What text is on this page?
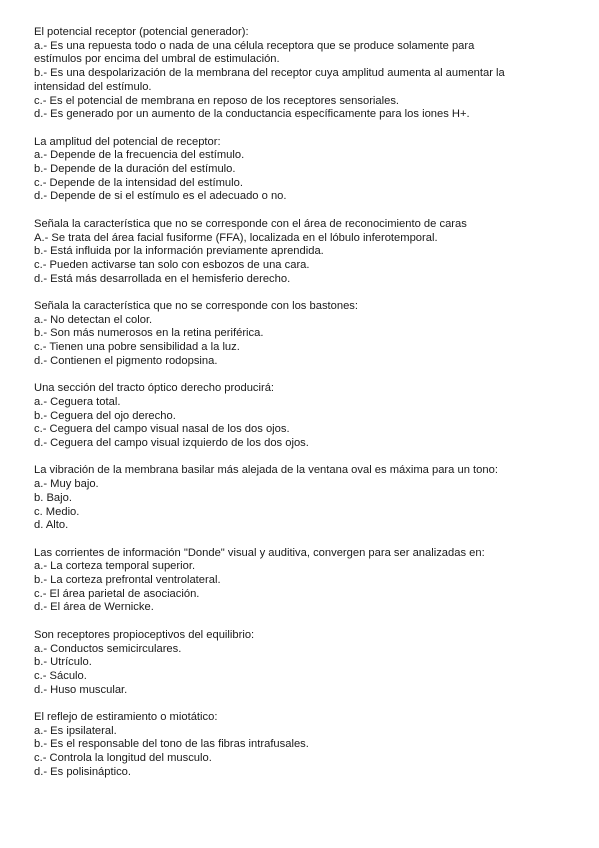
El potencial receptor (potencial generador):
a.- Es una repuesta todo o nada de una célula receptora que se produce solamente para
estímulos por encima del umbral de estimulación.
b.- Es una despolarización de la membrana del receptor cuya amplitud aumenta al aumentar la
intensidad del estímulo.
c.- Es el potencial de membrana en reposo de los receptores sensoriales.
d.- Es generado por un aumento de la conductancia específicamente para los iones H+.
La amplitud del potencial de receptor:
a.- Depende de la frecuencia del estímulo.
b.- Depende de la duración del estímulo.
c.- Depende de la intensidad del estímulo.
d.- Depende de si el estímulo es el adecuado o no.
Señala la característica que no se corresponde con el área de reconocimiento de caras
A.- Se trata del área facial fusiforme (FFA), localizada en el lóbulo inferotemporal.
b.- Está influida por la información previamente aprendida.
c.- Pueden activarse tan solo con esbozos de una cara.
d.- Está más desarrollada en el hemisferio derecho.
Señala la característica que no se corresponde con los bastones:
a.- No detectan el color.
b.- Son más numerosos en la retina periférica.
c.- Tienen una pobre sensibilidad a la luz.
d.- Contienen el pigmento rodopsina.
Una sección del tracto óptico derecho producirá:
a.- Ceguera total.
b.- Ceguera del ojo derecho.
c.- Ceguera del campo visual nasal de los dos ojos.
d.- Ceguera del campo visual izquierdo de los dos ojos.
La vibración de la membrana basilar más alejada de la ventana oval es máxima para un tono:
a.- Muy bajo.
b. Bajo.
c. Medio.
d. Alto.
Las corrientes de información "Donde" visual y auditiva, convergen para ser analizadas en:
a.- La corteza temporal superior.
b.- La corteza prefrontal ventrolateral.
c.- El área parietal de asociación.
d.- El área de Wernicke.
Son receptores propioceptivos del equilibrio:
a.- Conductos semicirculares.
b.- Utrículo.
c.- Sáculo.
d.- Huso muscular.
El reflejo de estiramiento o miotático:
a.- Es ipsilateral.
b.- Es el responsable del tono de las fibras intrafusales.
c.- Controla la longitud del musculo.
d.- Es polisináptico.
